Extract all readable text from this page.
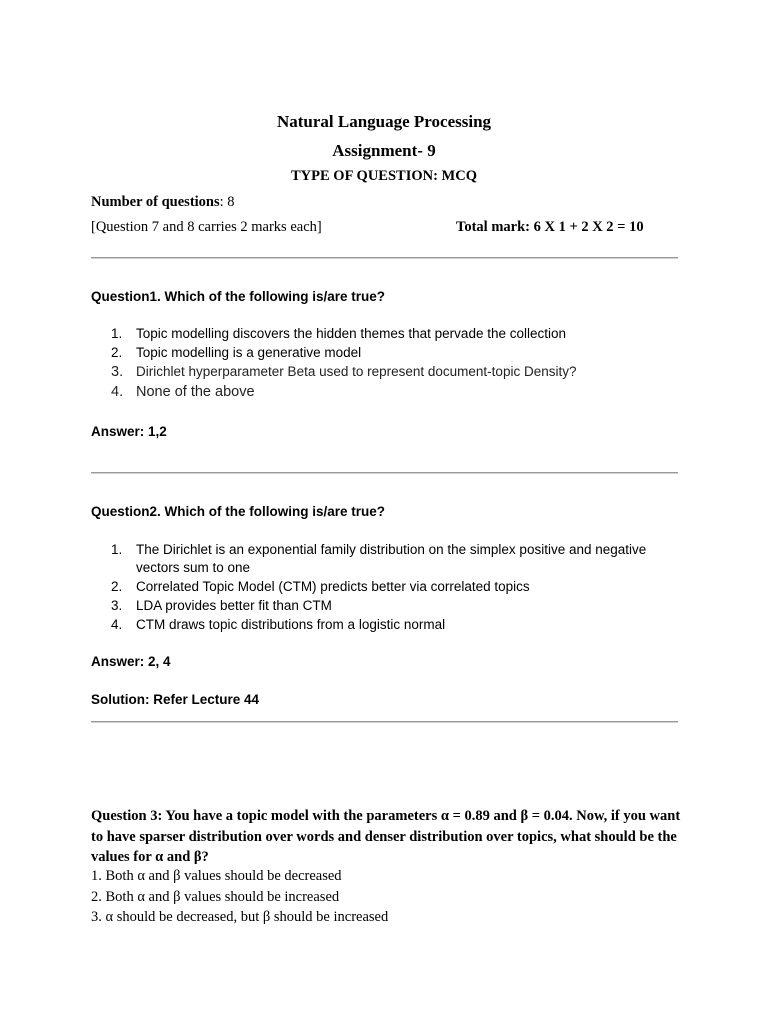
Natural Language Processing
Assignment- 9
TYPE OF QUESTION: MCQ
Number of questions: 8
[Question 7 and 8 carries 2 marks each]	Total mark: 6 X 1 + 2 X 2 = 10
Question1. Which of the following is/are true?
1. Topic modelling discovers the hidden themes that pervade the collection
2. Topic modelling is a generative model
3. Dirichlet hyperparameter Beta used to represent document-topic Density?
4. None of the above
Answer: 1,2
Question2. Which of the following is/are true?
1. The Dirichlet is an exponential family distribution on the simplex positive and negative
vectors sum to one
2. Correlated Topic Model (CTM) predicts better via correlated topics
3. LDA provides better fit than CTM
4. CTM draws topic distributions from a logistic normal
Answer: 2, 4
Solution: Refer Lecture 44
Question 3: You have a topic model with the parameters α = 0.89 and β = 0.04. Now, if you want to have sparser distribution over words and denser distribution over topics, what should be the values for α and β?
1. Both α and β values should be decreased
2. Both α and β values should be increased
3. α should be decreased, but β should be increased
